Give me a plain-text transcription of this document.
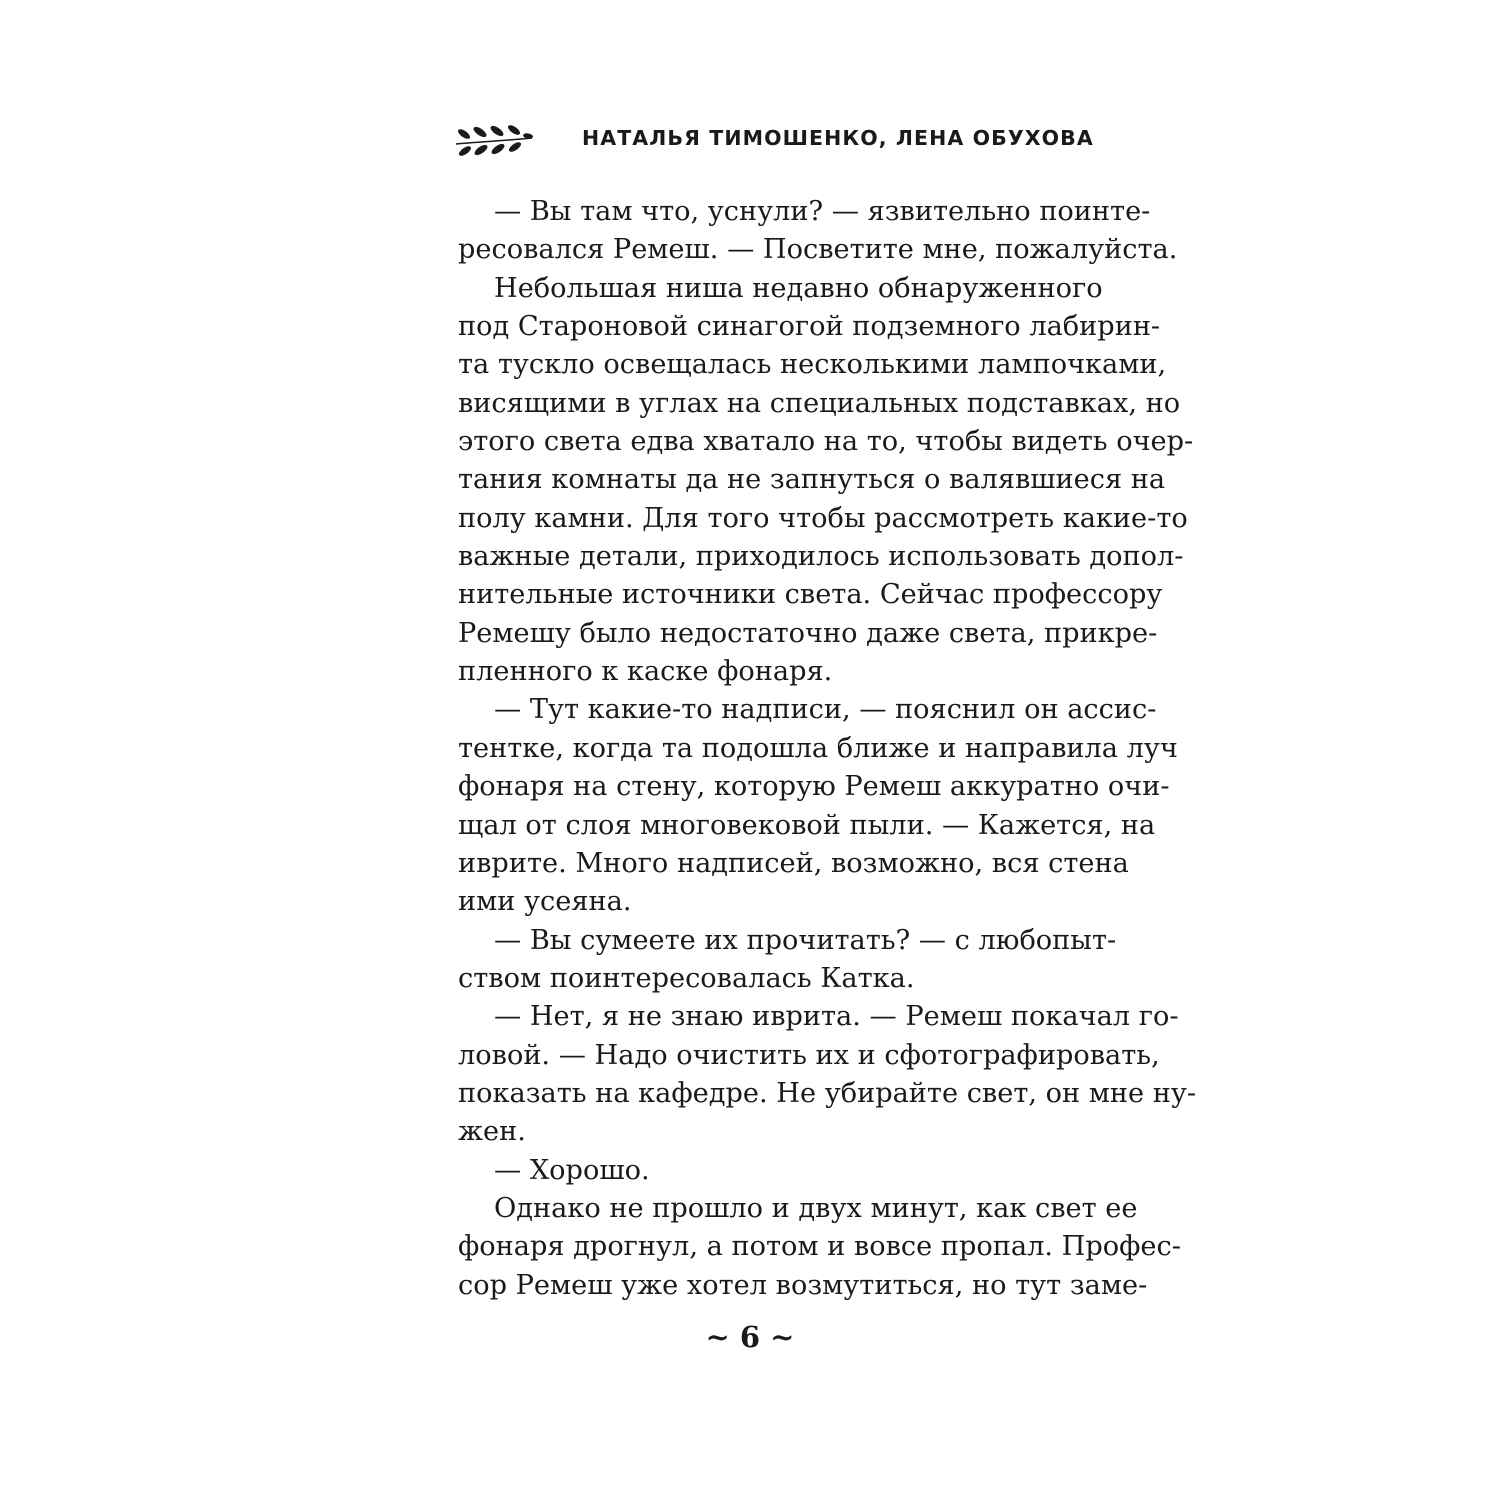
НАТАЛЬЯ ТИМОШЕНКО, ЛЕНА ОБУХОВА
— Вы там что, уснули? — язвительно поинте-
ресовался Ремеш. — Посветите мне, пожалуйста.
Небольшая ниша недавно обнаруженного
под Староновой синагогой подземного лабирин-
та тускло освещалась несколькими лампочками,
висящими в углах на специальных подставках, но
этого света едва хватало на то, чтобы видеть очер-
тания комнаты да не запнуться о валявшиеся на
полу камни. Для того чтобы рассмотреть какие-то
важные детали, приходилось использовать допол-
нительные источники света. Сейчас профессору
Ремешу было недостаточно даже света, прикре-
пленного к каске фонаря.
— Тут какие-то надписи, — пояснил он ассис-
тентке, когда та подошла ближе и направила луч
фонаря на стену, которую Ремеш аккуратно очи-
щал от слоя многовековой пыли. — Кажется, на
иврите. Много надписей, возможно, вся стена
ими усеяна.
— Вы сумеете их прочитать? — с любопыт-
ством поинтересовалась Катка.
— Нет, я не знаю иврита. — Ремеш покачал го-
ловой. — Надо очистить их и сфотографировать,
показать на кафедре. Не убирайте свет, он мне ну-
жен.
— Хорошо.
Однако не прошло и двух минут, как свет ее
фонаря дрогнул, а потом и вовсе пропал. Профес-
сор Ремеш уже хотел возмутиться, но тут заме-
~ 6 ~
